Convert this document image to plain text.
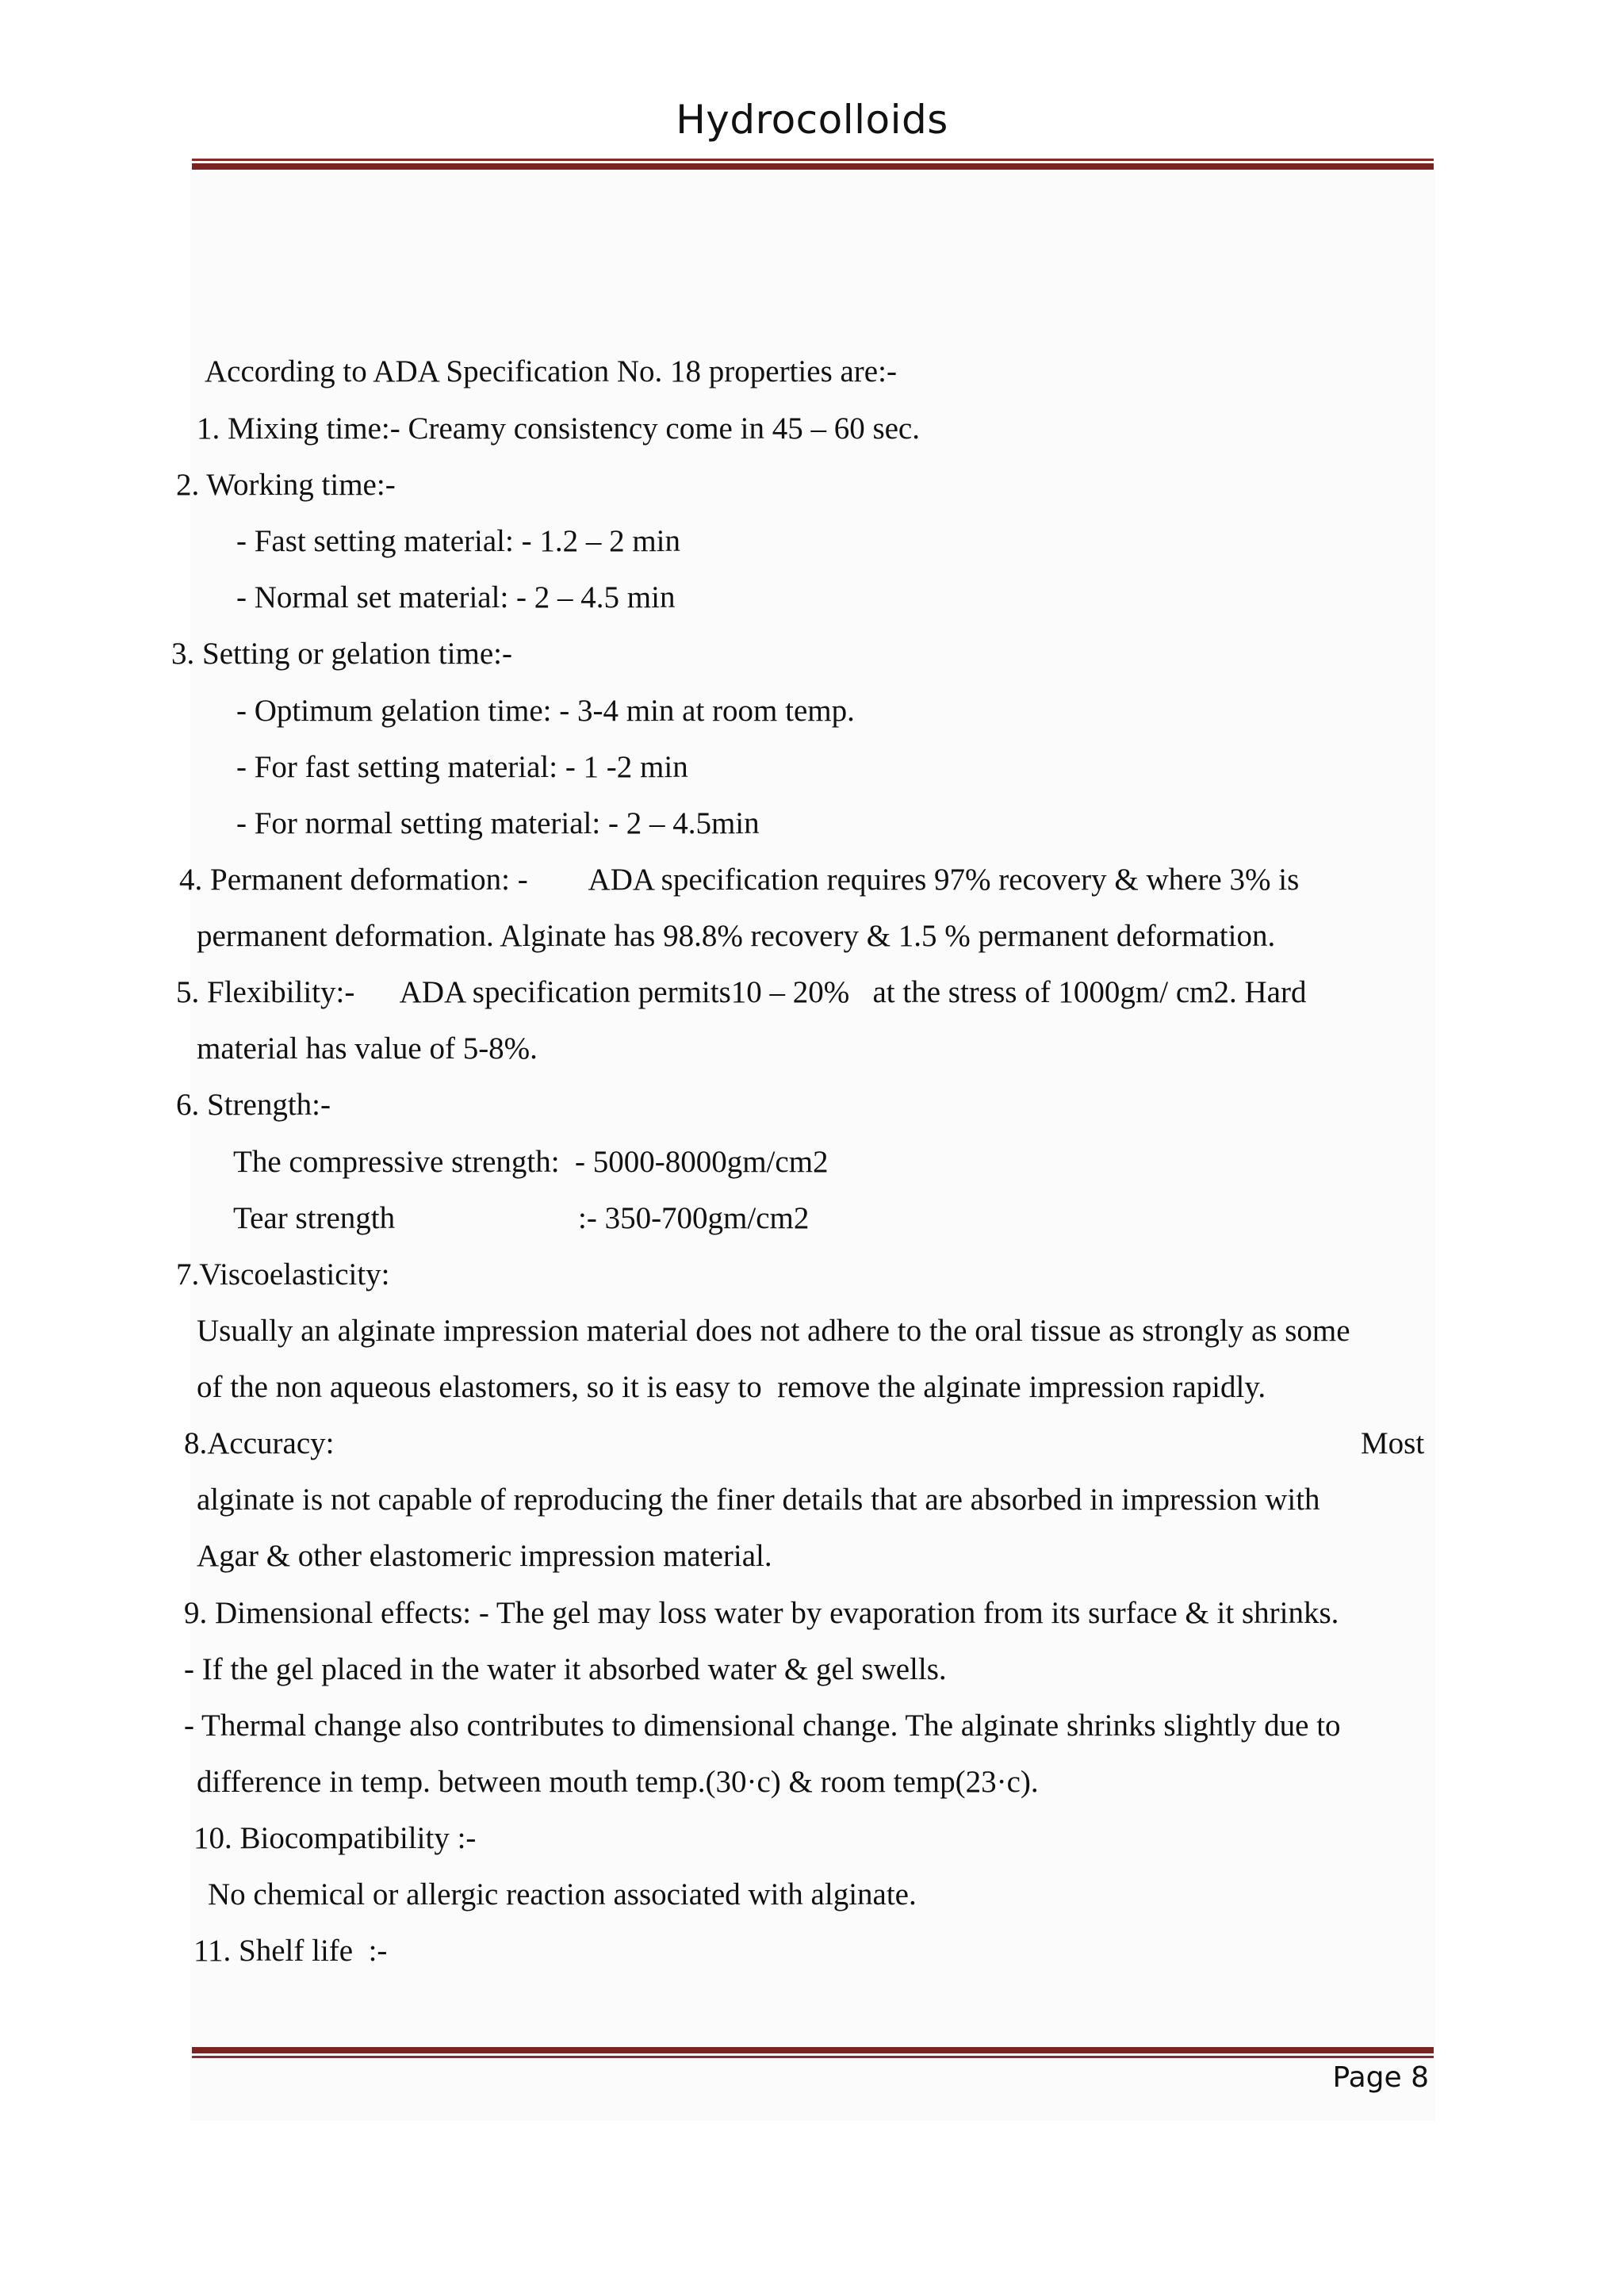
Hydrocolloids
According to ADA Specification No. 18 properties are:-
1. Mixing time:- Creamy consistency come in 45 – 60 sec.
2. Working time:-
- Fast setting material: - 1.2 – 2 min
- Normal set material: - 2 – 4.5 min
3. Setting or gelation time:-
- Optimum gelation time: - 3-4 min at room temp.
- For fast setting material: - 1 -2 min
- For normal setting material: - 2 – 4.5min
4. Permanent deformation: -        ADA specification requires 97% recovery & where 3% is
permanent deformation. Alginate has 98.8% recovery & 1.5 % permanent deformation.
5. Flexibility:-      ADA specification permits10 – 20%   at the stress of 1000gm/ cm2. Hard
material has value of 5-8%.
6. Strength:-
The compressive strength: - 5000-8000gm/cm2
Tear strength	:- 350-700gm/cm2
7.Viscoelasticity:
Usually an alginate impression material does not adhere to the oral tissue as strongly as some
of the non aqueous elastomers, so it is easy to  remove the alginate impression rapidly.
8.Accuracy:	Most
alginate is not capable of reproducing the finer details that are absorbed in impression with
Agar & other elastomeric impression material.
9. Dimensional effects: - The gel may loss water by evaporation from its surface & it shrinks.
- If the gel placed in the water it absorbed water & gel swells.
- Thermal change also contributes to dimensional change. The alginate shrinks slightly due to
difference in temp. between mouth temp.(30·c) & room temp(23·c).
10. Biocompatibility :-
No chemical or allergic reaction associated with alginate.
11. Shelf life  :-
Page 8
